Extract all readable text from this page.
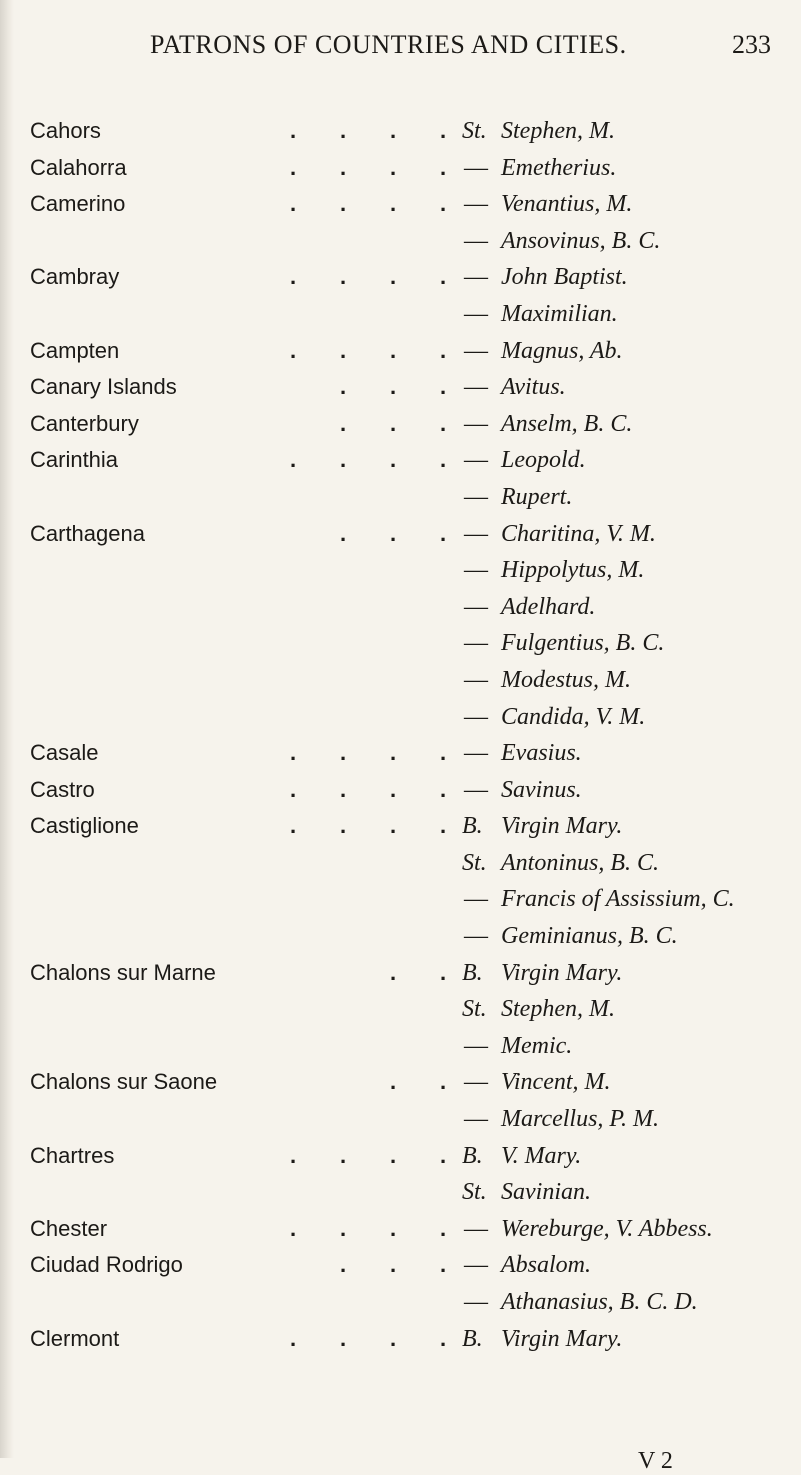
PATRONS OF COUNTRIES AND CITIES.	233
Cahors	. . . . St. Stephen, M.
Calahorra	. . . . — Emetherius.
Camerino	. . . . — Venantius, M.
— Ansovinus, B. C.
Cambray	. . . . — John Baptist.
— Maximilian.
Campten	. . . . — Magnus, Ab.
Canary Islands	. . . — Avitus.
Canterbury	. . . — Anselm, B. C.
Carinthia	. . . . — Leopold.
— Rupert.
Carthagena	. . . — Charitina, V. M.
— Hippolytus, M.
— Adelhard.
— Fulgentius, B. C.
— Modestus, M.
— Candida, V. M.
Casale	. . . . — Evasius.
Castro	. . . . — Savinus.
Castiglione	. . . . B. Virgin Mary.
St. Antoninus, B. C.
— Francis of Assissium, C.
— Geminianus, B. C.
Chalons sur Marne	. . B. Virgin Mary.
St. Stephen, M.
— Memic.
Chalons sur Saone	. . — Vincent, M.
— Marcellus, P. M.
Chartres	. . . . B. V. Mary.
St. Savinian.
Chester	. . . . — Wereburge, V. Abbess.
Ciudad Rodrigo	. . . — Absalom.
— Athanasius, B. C. D.
Clermont	. . . . B. Virgin Mary.
V 2
